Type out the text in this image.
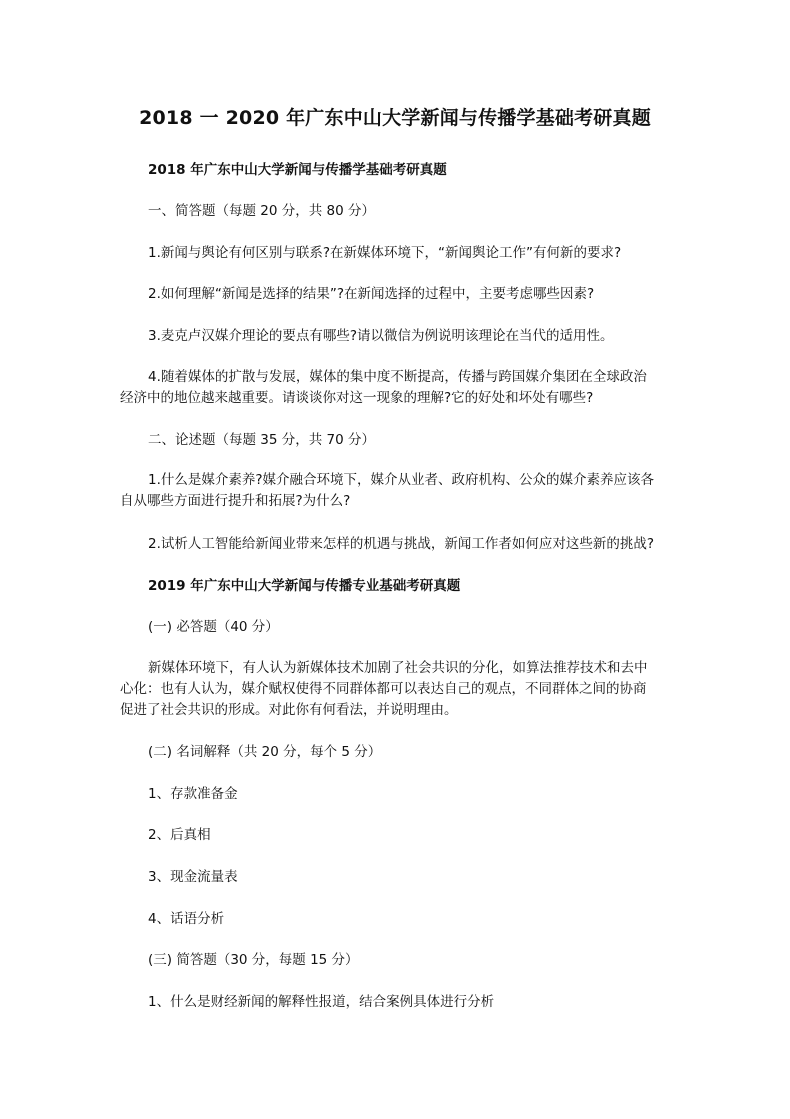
2018 一 2020 年广东中山大学新闻与传播学基础考研真题
2018 年广东中山大学新闻与传播学基础考研真题
一、简答题（每题 20 分，共 80 分）
1.新闻与舆论有何区别与联系?在新媒体环境下，“新闻舆论工作”有何新的要求?
2.如何理解“新闻是选择的结果”?在新闻选择的过程中，主要考虑哪些因素?
3.麦克卢汉媒介理论的要点有哪些?请以微信为例说明该理论在当代的适用性。
4.随着媒体的扩散与发展，媒体的集中度不断提高，传播与跨国媒介集团在全球政治
经济中的地位越来越重要。请谈谈你对这一现象的理解?它的好处和坏处有哪些?
二、论述题（每题 35 分，共 70 分）
1.什么是媒介素养?媒介融合环境下，媒介从业者、政府机构、公众的媒介素养应该各
自从哪些方面进行提升和拓展?为什么?
2.试析人工智能给新闻业带来怎样的机遇与挑战，新闻工作者如何应对这些新的挑战?
2019 年广东中山大学新闻与传播专业基础考研真题
(一) 必答题（40 分）
新媒体环境下，有人认为新媒体技术加剧了社会共识的分化，如算法推荐技术和去中
心化：也有人认为，媒介赋权使得不同群体都可以表达自己的观点，不同群体之间的协商
促进了社会共识的形成。对此你有何看法，并说明理由。
(二) 名词解释（共 20 分，每个 5 分）
1、存款准备金
2、后真相
3、现金流量表
4、话语分析
(三) 简答题（30 分，每题 15 分）
1、什么是财经新闻的解释性报道，结合案例具体进行分析
